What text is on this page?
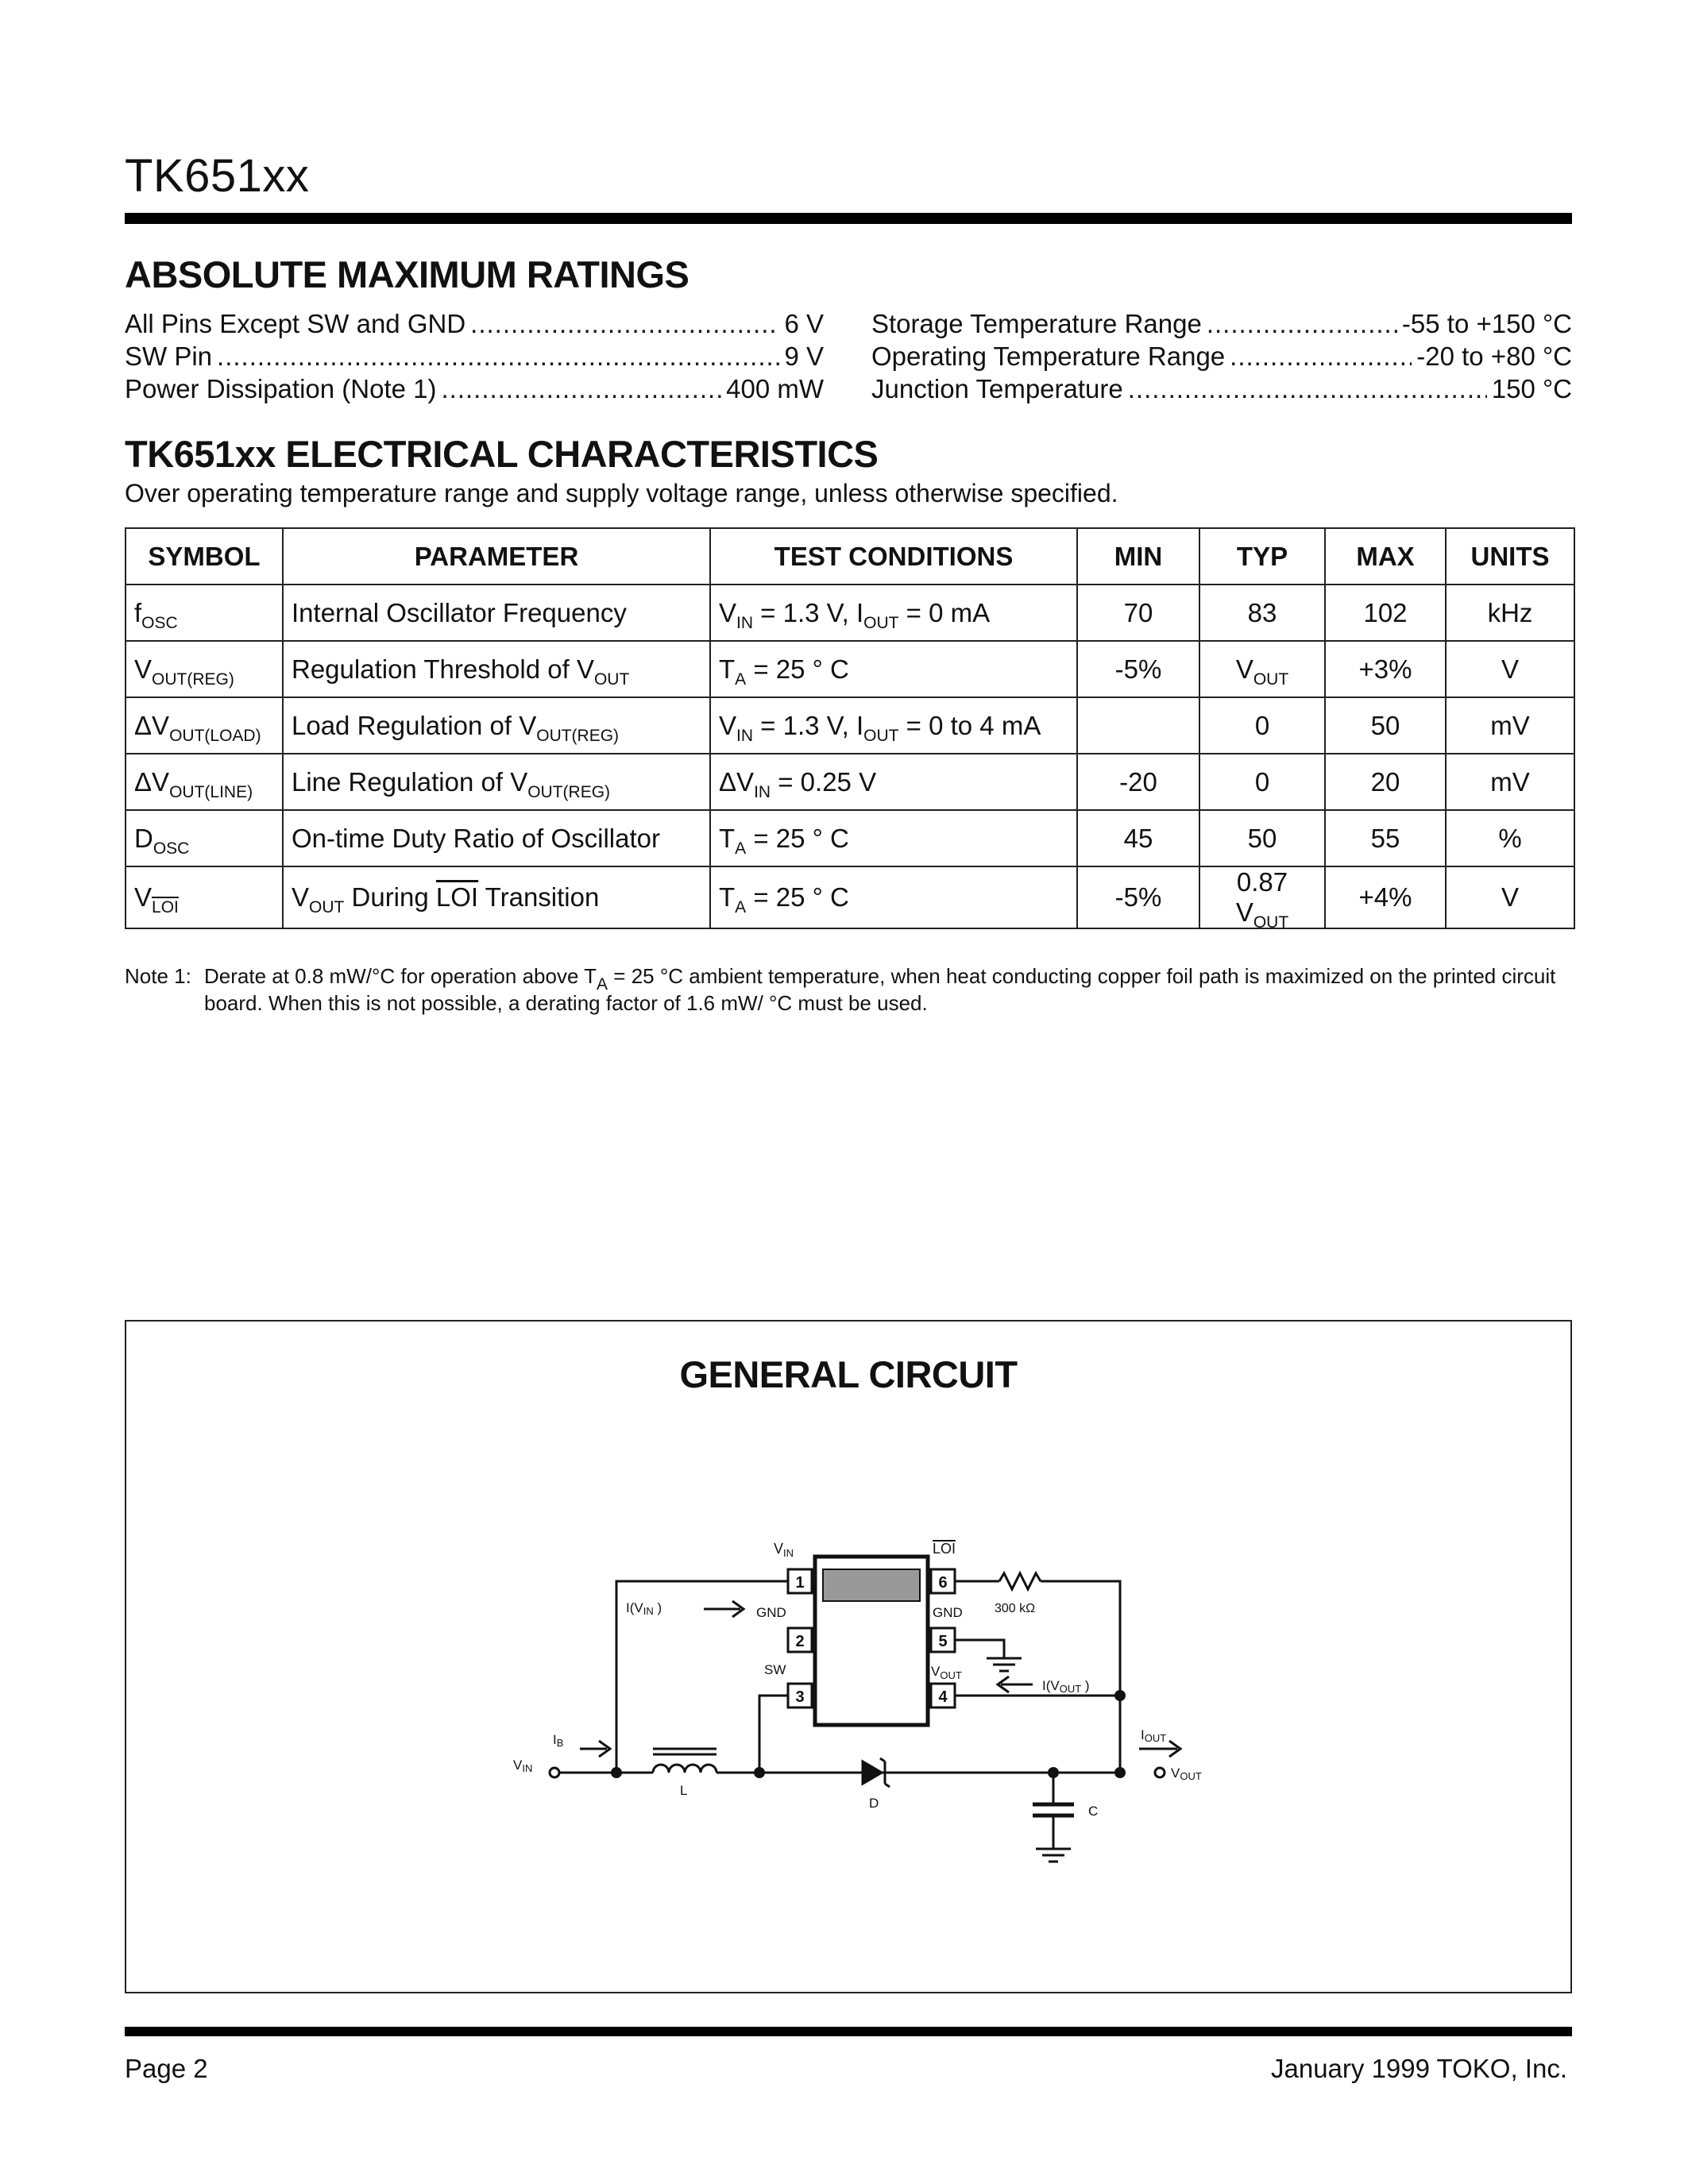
TK651xx
ABSOLUTE MAXIMUM RATINGS
All Pins Except SW and GND .....	6 V
SW Pin .....	9 V
Power Dissipation (Note 1) .....	400 mW
Storage Temperature Range .....	-55 to +150 °C
Operating Temperature Range .....	-20 to +80 °C
Junction Temperature .....	150 °C
TK651xx ELECTRICAL CHARACTERISTICS
Over operating temperature range and supply voltage range, unless otherwise specified.
SYMBOL	PARAMETER	TEST CONDITIONS	MIN	TYP	MAX	UNITS
$f_{OSC}$	Internal Oscillator Frequency	$V_{IN} = 1.3$ V, $I_{OUT} = 0$ mA	70	83	102	kHz
$V_{OUT(REG)}$	Regulation Threshold of $V_{OUT}$	$T_A = 25$ ° C	-5%	$V_{OUT}$	+3%	V
$\Delta V_{OUT(LOAD)}$	Load Regulation of $V_{OUT(REG)}$	$V_{IN} = 1.3$ V, $I_{OUT} = 0$ to 4 mA		0	50	mV
$\Delta V_{OUT(LINE)}$	Line Regulation of $V_{OUT(REG)}$	$\Delta V_{IN} = 0.25$ V	-20	0	20	mV
$D_{OSC}$	On-time Duty Ratio of Oscillator	$T_A = 25$ ° C	45	50	55	%
$V_{\overline{LOI}}$	$V_{OUT}$ During $\overline{LOI}$ Transition	$T_A = 25$ ° C	-5%	0.87 $V_{OUT}$	+4%	V
Note 1: Derate at 0.8 mW/°C for operation above $T_A = 25$ °C ambient temperature, when heat conducting copper foil path is maximized on the printed circuit board. When this is not possible, a derating factor of 1.6 mW/ °C must be used.
GENERAL CIRCUIT
1
2
3
6
5
4
$V_{IN}$	LOI
GND
SW
GND
$V_{OUT}$
300 kΩ
I(VIN )
I(VOUT )
IB
VIN
L
D
C
IOUT
VOUT
Page 2	January 1999 TOKO, Inc.
